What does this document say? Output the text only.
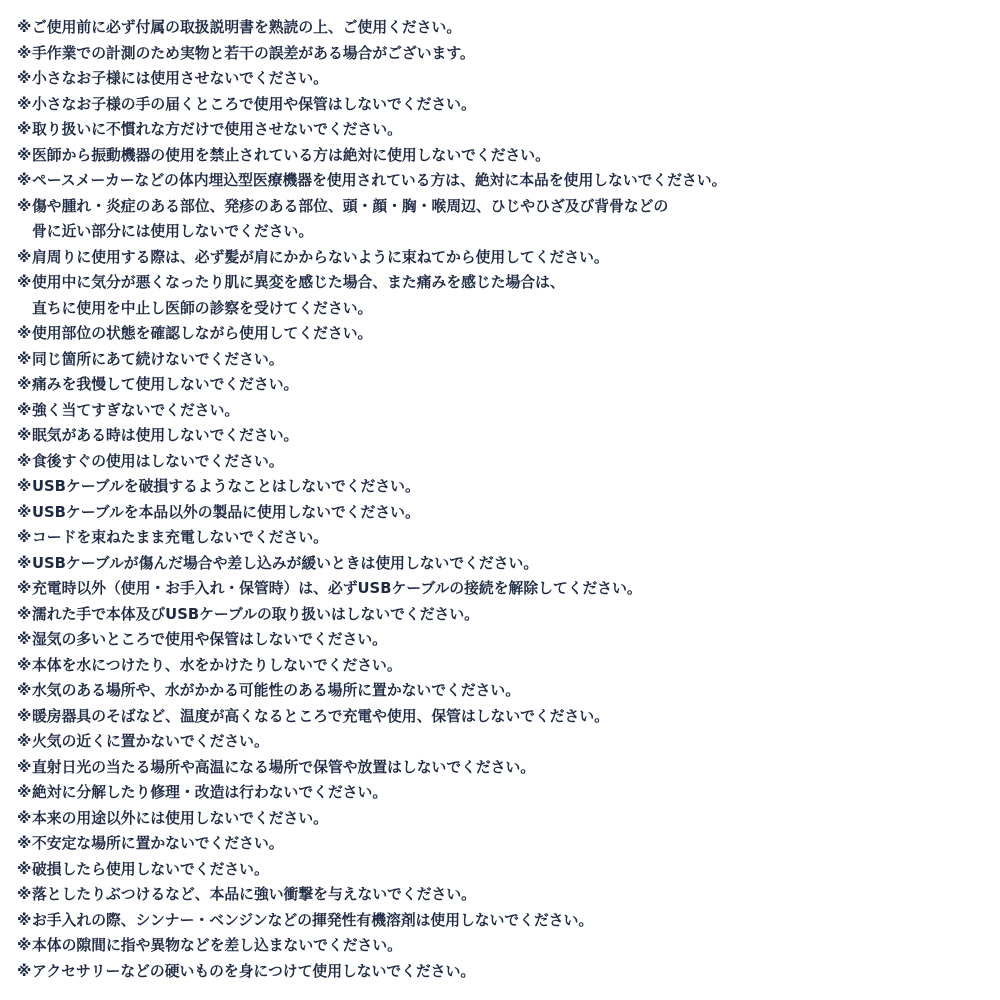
※ ご使用前に必ず付属の取扱説明書を熟読の上、ご使用ください。
※ 手作業での計測のため実物と若干の誤差がある場合がございます。
※ 小さなお子様には使用させないでください。
※ 小さなお子様の手の届くところで使用や保管はしないでください。
※ 取り扱いに不慣れな方だけで使用させないでください。
※ 医師から振動機器の使用を禁止されている方は絶対に使用しないでください。
※ ペースメーカーなどの体内埋込型医療機器を使用されている方は、絶対に本品を使用しないでください。
※ 傷や腫れ・炎症のある部位、発疹のある部位、頭・顔・胸・喉周辺、ひじやひざ及び背骨などの
骨に近い部分には使用しないでください。
※ 肩周りに使用する際は、必ず髪が肩にかからないように束ねてから使用してください。
※ 使用中に気分が悪くなったり肌に異変を感じた場合、また痛みを感じた場合は、
直ちに使用を中止し医師の診察を受けてください。
※ 使用部位の状態を確認しながら使用してください。
※ 同じ箇所にあて続けないでください。
※ 痛みを我慢して使用しないでください。
※ 強く当てすぎないでください。
※ 眠気がある時は使用しないでください。
※ 食後すぐの使用はしないでください。
※ USBケーブルを破損するようなことはしないでください。
※ USBケーブルを本品以外の製品に使用しないでください。
※ コードを束ねたまま充電しないでください。
※ USBケーブルが傷んだ場合や差し込みが緩いときは使用しないでください。
※ 充電時以外（使用・お手入れ・保管時）は、必ずUSBケーブルの接続を解除してください。
※ 濡れた手で本体及びUSBケーブルの取り扱いはしないでください。
※ 湿気の多いところで使用や保管はしないでください。
※ 本体を水につけたり、水をかけたりしないでください。
※ 水気のある場所や、水がかかる可能性のある場所に置かないでください。
※ 暖房器具のそばなど、温度が高くなるところで充電や使用、保管はしないでください。
※ 火気の近くに置かないでください。
※ 直射日光の当たる場所や高温になる場所で保管や放置はしないでください。
※ 絶対に分解したり修理・改造は行わないでください。
※ 本来の用途以外には使用しないでください。
※ 不安定な場所に置かないでください。
※ 破損したら使用しないでください。
※ 落としたりぶつけるなど、本品に強い衝撃を与えないでください。
※ お手入れの際、シンナー・ベンジンなどの揮発性有機溶剤は使用しないでください。
※ 本体の隙間に指や異物などを差し込まないでください。
※ アクセサリーなどの硬いものを身につけて使用しないでください。
